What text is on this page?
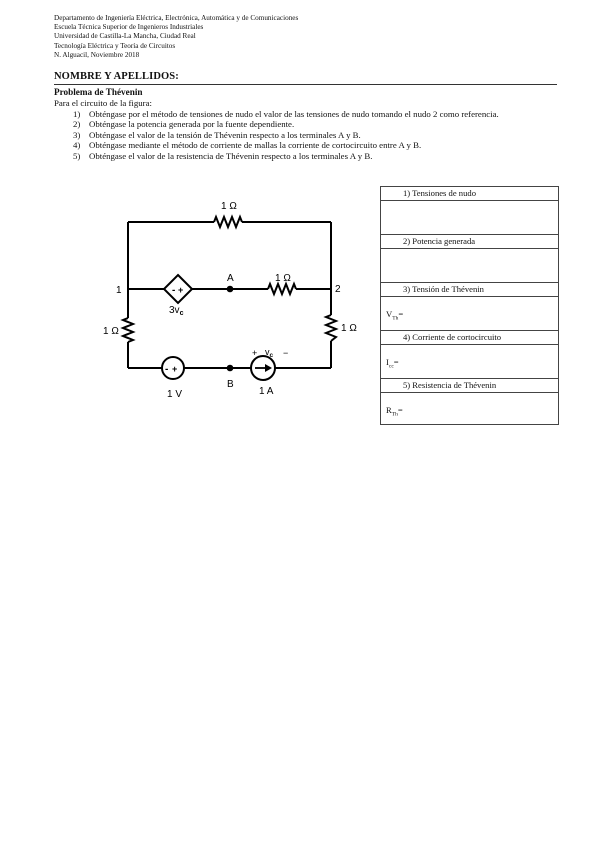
Departamento de Ingeniería Eléctrica, Electrónica, Automática y de Comunicaciones
Escuela Técnica Superior de Ingenieros Industriales
Universidad de Castilla-La Mancha, Ciudad Real
Tecnología Eléctrica y Teoría de Circuitos
N. Alguacil, Noviembre 2018
NOMBRE Y APELLIDOS:
Problema de Thévenin
Para el circuito de la figura:
1) Obténgase por el método de tensiones de nudo el valor de las tensiones de nudo tomando el nudo 2 como referencia.
2) Obténgase la potencia generada por la fuente dependiente.
3) Obténgase el valor de la tensión de Thévenin respecto a los terminales A y B.
4) Obténgase mediante el método de corriente de mallas la corriente de cortocircuito entre A y B.
5) Obténgase el valor de la resistencia de Thévenin respecto a los terminales A y B.
- +
- +
1 Ω
1 Ω
1 Ω	1 Ω
1	2
A
B
$3v_c$
1 V	1 A
+ $v_c$ −
1) Tensiones de nudo
2) Potencia generada
3) Tensión de Thévenin
$V_{Th}=$
4) Corriente de cortocircuito
$I_{cc}=$
5) Resistencia de Thévenin
$R_{Th}=$
